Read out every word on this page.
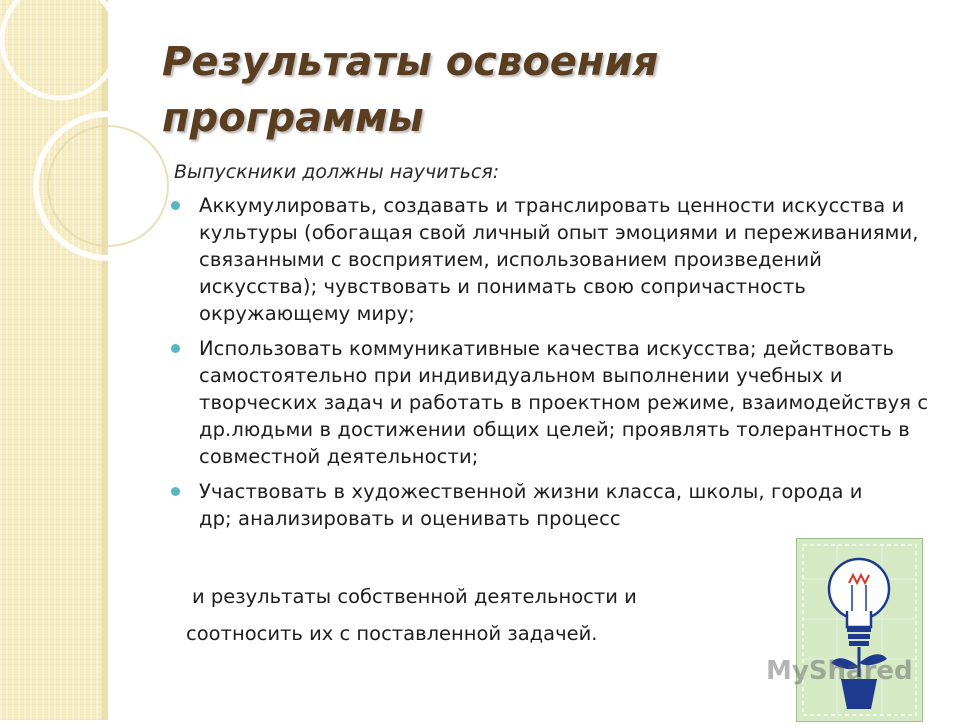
Результаты освоения программы

Выпускники должны научиться:

Аккумулировать, создавать и транслировать ценности искусства и культуры (обогащая свой личный опыт эмоциями и переживаниями, связанными с восприятием, использованием произведений искусства); чувствовать и понимать свою сопричастность окружающему миру;
Использовать коммуникативные качества искусства; действовать самостоятельно при индивидуальном выполнении учебных и творческих задач и работать в проектном режиме, взаимодействуя с др.людьми в достижении общих целей; проявлять толерантность в совместной деятельности;
Участвовать в художественной жизни класса, школы, города и др; анализировать и оценивать процесс

и результаты собственной деятельности и

соотносить их с поставленной задачей.

MyShared
